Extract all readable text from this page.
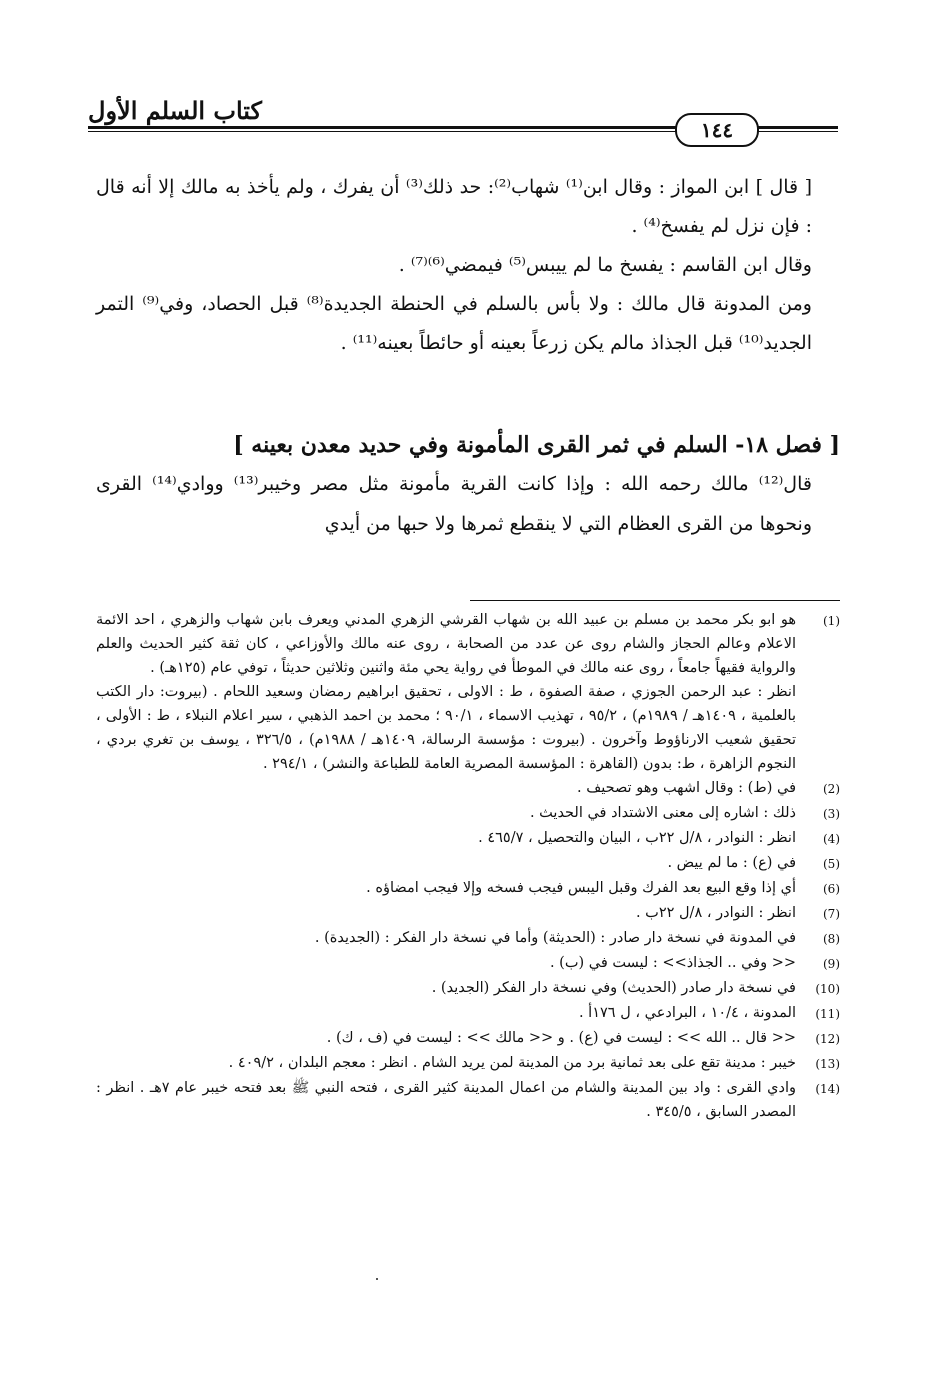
كتاب السلم الأول
١٤٤

[ قال ] ابن المواز : وقال ابن⁽¹⁾ شهاب⁽²⁾: حد ذلك⁽³⁾ أن يفرك ، ولم يأخذ به مالك إلا أنه قال : فإن نزل لم يفسخ⁽⁴⁾ .

وقال ابن القاسم : يفسخ ما لم ييبس⁽⁵⁾ فيمضي⁽⁶⁾⁽⁷⁾ .

ومن المدونة قال مالك : ولا بأس بالسلم في الحنطة الجديدة⁽⁸⁾ قبل الحصاد، وفي⁽⁹⁾ التمر الجديد⁽¹⁰⁾ قبل الجذاذ مالم يكن زرعاً بعينه أو حائطاً بعينه⁽¹¹⁾ .

[ فصل ١٨- السلم في ثمر القرى المأمونة وفي حديد معدن بعينه ]

قال⁽¹²⁾ مالك رحمه الله : وإذا كانت القرية مأمونة مثل مصر وخيبر⁽¹³⁾ ووادي⁽¹⁴⁾ القرى ونحوها من القرى العظام التي لا ينقطع ثمرها ولا حبها من أيدي

(1)

هو ابو بكر محمد بن مسلم بن عبيد الله بن شهاب القرشي الزهري المدني ويعرف بابن شهاب والزهري ، احد الائمة الاعلام وعالم الحجاز والشام روى عن عدد من الصحابة ، روى عنه مالك والأوزاعي ، كان ثقة كثير الحديث والعلم والرواية فقيهاً جامعاً ، روى عنه مالك في الموطأ في رواية يحي مئة واثنين وثلاثين حديثاً ، توفي عام (١٢٥هـ) .

انظر : عبد الرحمن الجوزي ، صفة الصفوة ، ط : الاولى ، تحقيق ابراهيم رمضان وسعيد اللحام . (بيروت: دار الكتب بالعلمية ، ١٤٠٩هـ / ١٩٨٩م) ، ٩٥/٢ ، تهذيب الاسماء ، ٩٠/١ ؛ محمد بن احمد الذهبي ، سير اعلام النبلاء ، ط : الأولى ، تحقيق شعيب الارناؤوط وآخرون . (بيروت : مؤسسة الرسالة، ١٤٠٩هـ / ١٩٨٨م) ، ٣٢٦/٥ ، يوسف بن تغري بردي ، النجوم الزاهرة ، ط: بدون (القاهرة : المؤسسة المصرية العامة للطباعة والنشر) ، ٢٩٤/١ .

(2)

في (ط) : وقال اشهب وهو تصحيف .

(3)

ذلك : اشاره إلى معنى الاشتداد في الحديث .

(4)

انظر : النوادر ، ٨/ل ٢٢ب ، البيان والتحصيل ، ٤٦٥/٧ .

(5)

في (ع) : ما لم ييض .

(6)

أي إذا وقع البيع بعد الفرك وقبل اليبس فيجب فسخه وإلا فيجب امضاؤه .

(7)

انظر : النوادر ، ٨/ل ٢٢ب .

(8)

في المدونة في نسخة دار صادر : (الحديثة) وأما في نسخة دار الفكر : (الجديدة) .

(9)

<< وفي .. الجذاذ>> : ليست في (ب) .

(10)

في نسخة دار صادر (الحديث) وفي نسخة دار الفكر (الجديد) .

(11)

المدونة ، ١٠/٤ ، البرادعي ، ل ١٧٦أ .

(12)

<< قال .. الله >> : ليست في (ع) . و << مالك >> : ليست في (ف ، ك) .

(13)

خيبر : مدينة تقع على بعد ثمانية برد من المدينة لمن يريد الشام . انظر : معجم البلدان ، ٤٠٩/٢ .

(14)

وادي القرى : واد بين المدينة والشام من اعمال المدينة كثير القرى ، فتحه النبي ﷺ بعد فتحه خيبر عام ٧هـ . انظر : المصدر السابق ، ٣٤٥/٥ .
